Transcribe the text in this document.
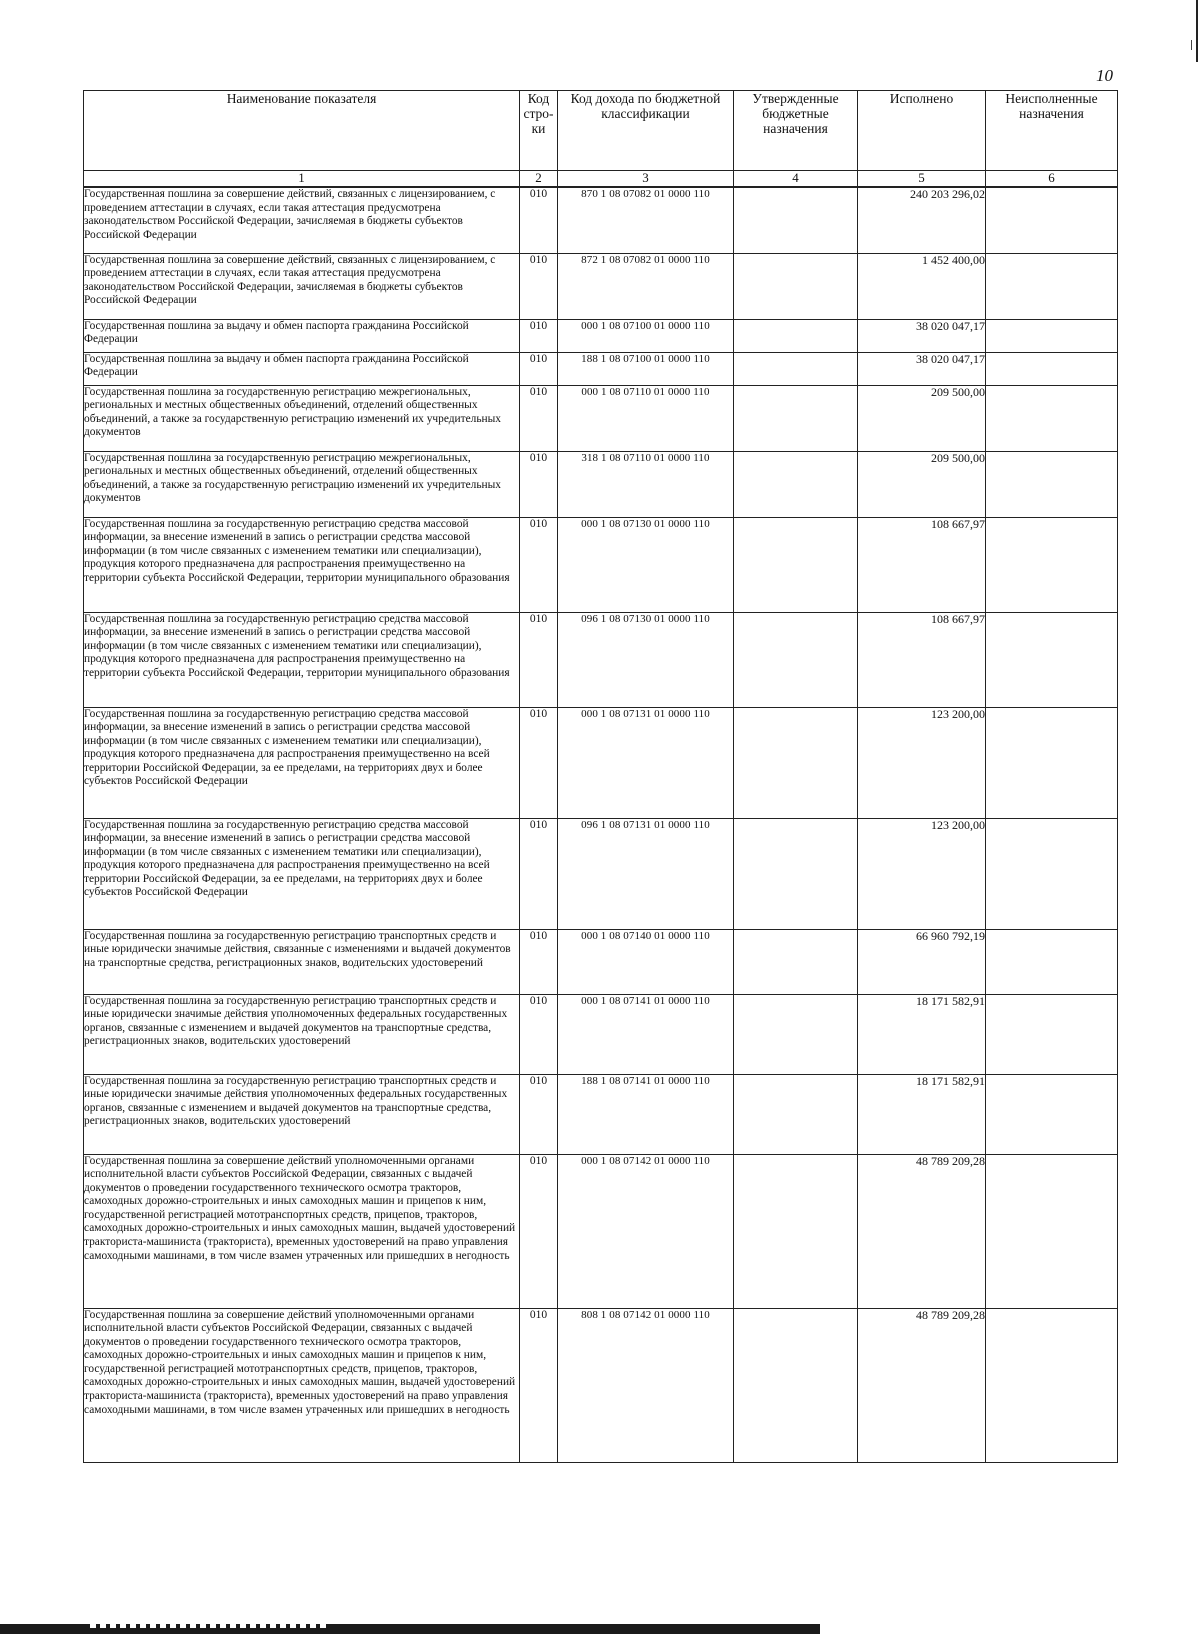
10
Наименование показателя	Код стро-ки	Код дохода по бюджетной классификации	Утвержденные бюджетные назначения	Исполнено	Неисполненные назначения
1	2	3	4	5	6
Государственная пошлина за совершение действий, связанных с лицензированием, с проведением аттестации в случаях, если такая аттестация предусмотрена законодательством Российской Федерации, зачисляемая в бюджеты субъектов Российской Федерации	010	870 1 08 07082 01 0000 110		240 203 296,02	
Государственная пошлина за совершение действий, связанных с лицензированием, с проведением аттестации в случаях, если такая аттестация предусмотрена законодательством Российской Федерации, зачисляемая в бюджеты субъектов Российской Федерации	010	872 1 08 07082 01 0000 110		1 452 400,00	
Государственная пошлина за выдачу и обмен паспорта гражданина Российской Федерации	010	000 1 08 07100 01 0000 110		38 020 047,17	
Государственная пошлина за выдачу и обмен паспорта гражданина Российской Федерации	010	188 1 08 07100 01 0000 110		38 020 047,17	
Государственная пошлина за государственную регистрацию межрегиональных, региональных и местных общественных объединений, отделений общественных объединений, а также за государственную регистрацию изменений их учредительных документов	010	000 1 08 07110 01 0000 110		209 500,00	
Государственная пошлина за государственную регистрацию межрегиональных, региональных и местных общественных объединений, отделений общественных объединений, а также за государственную регистрацию изменений их учредительных документов	010	318 1 08 07110 01 0000 110		209 500,00	
Государственная пошлина за государственную регистрацию средства массовой информации, за внесение изменений в запись о регистрации средства массовой информации (в том числе связанных с изменением тематики или специализации), продукция которого предназначена для распространения преимущественно на территории субъекта Российской Федерации, территории муниципального образования	010	000 1 08 07130 01 0000 110		108 667,97	
Государственная пошлина за государственную регистрацию средства массовой информации, за внесение изменений в запись о регистрации средства массовой информации (в том числе связанных с изменением тематики или специализации), продукция которого предназначена для распространения преимущественно на территории субъекта Российской Федерации, территории муниципального образования	010	096 1 08 07130 01 0000 110		108 667,97	
Государственная пошлина за государственную регистрацию средства массовой информации, за внесение изменений в запись о регистрации средства массовой информации (в том числе связанных с изменением тематики или специализации), продукция которого предназначена для распространения преимущественно на всей территории Российской Федерации, за ее пределами, на территориях двух и более субъектов Российской Федерации	010	000 1 08 07131 01 0000 110		123 200,00	
Государственная пошлина за государственную регистрацию средства массовой информации, за внесение изменений в запись о регистрации средства массовой информации (в том числе связанных с изменением тематики или специализации), продукция которого предназначена для распространения преимущественно на всей территории Российской Федерации, за ее пределами, на территориях двух и более субъектов Российской Федерации	010	096 1 08 07131 01 0000 110		123 200,00	
Государственная пошлина за государственную регистрацию транспортных средств и иные юридически значимые действия, связанные с изменениями и выдачей документов на транспортные средства, регистрационных знаков, водительских удостоверений	010	000 1 08 07140 01 0000 110		66 960 792,19	
Государственная пошлина за государственную регистрацию транспортных средств и иные юридически значимые действия уполномоченных федеральных государственных органов, связанные с изменением и выдачей документов на транспортные средства, регистрационных знаков, водительских удостоверений	010	000 1 08 07141 01 0000 110		18 171 582,91	
Государственная пошлина за государственную регистрацию транспортных средств и иные юридически значимые действия уполномоченных федеральных государственных органов, связанные с изменением и выдачей документов на транспортные средства, регистрационных знаков, водительских удостоверений	010	188 1 08 07141 01 0000 110		18 171 582,91	
Государственная пошлина за совершение действий уполномоченными органами исполнительной власти субъектов Российской Федерации, связанных с выдачей документов о проведении государственного технического осмотра тракторов, самоходных дорожно-строительных и иных самоходных машин и прицепов к ним, государственной регистрацией мототранспортных средств, прицепов, тракторов, самоходных дорожно-строительных и иных самоходных машин, выдачей удостоверений тракториста-машиниста (тракториста), временных удостоверений на право управления самоходными машинами, в том числе взамен утраченных или пришедших в негодность	010	000 1 08 07142 01 0000 110		48 789 209,28	
Государственная пошлина за совершение действий уполномоченными органами исполнительной власти субъектов Российской Федерации, связанных с выдачей документов о проведении государственного технического осмотра тракторов, самоходных дорожно-строительных и иных самоходных машин и прицепов к ним, государственной регистрацией мототранспортных средств, прицепов, тракторов, самоходных дорожно-строительных и иных самоходных машин, выдачей удостоверений тракториста-машиниста (тракториста), временных удостоверений на право управления самоходными машинами, в том числе взамен утраченных или пришедших в негодность	010	808 1 08 07142 01 0000 110		48 789 209,28	
